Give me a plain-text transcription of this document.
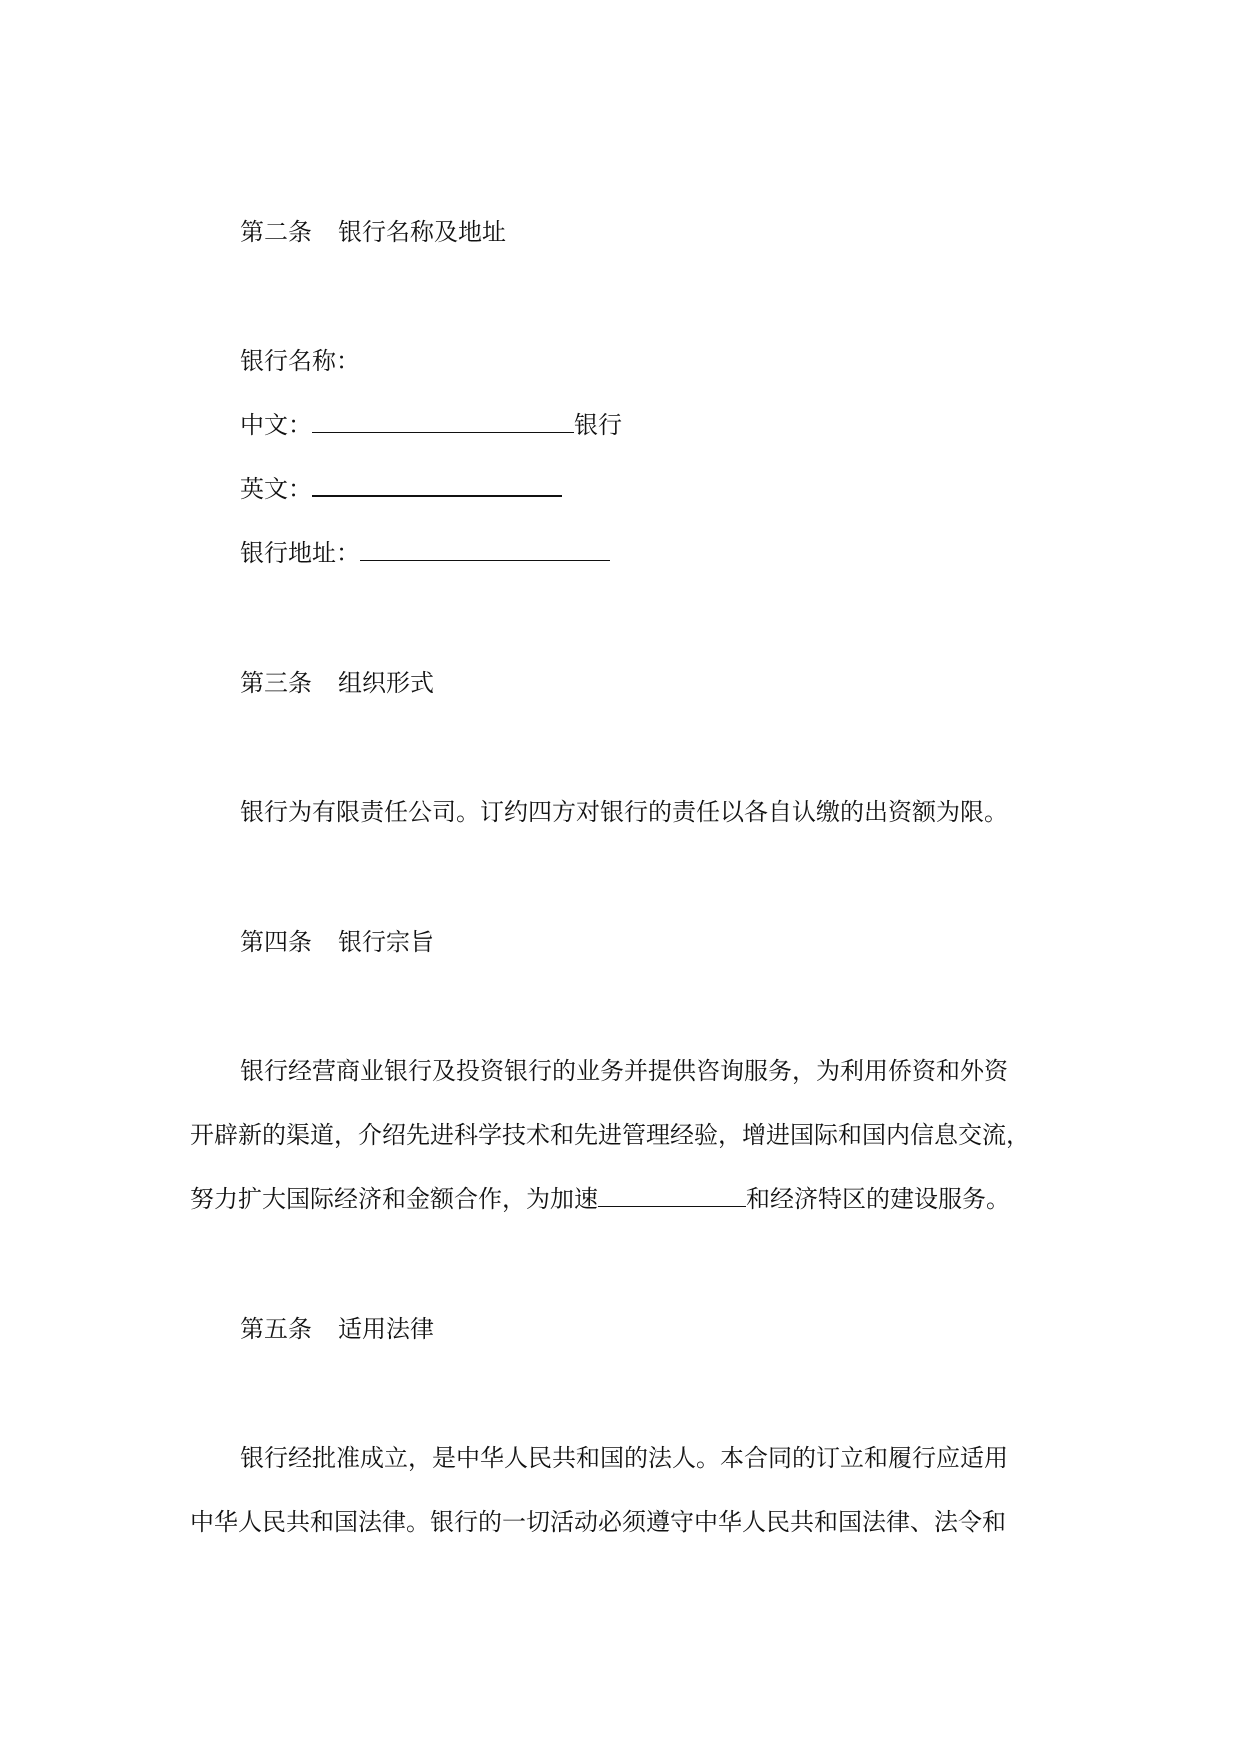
第二条 银行名称及地址
银行名称：
中文：	银行
英文：
银行地址：
第三条 组织形式
银行为有限责任公司。订约四方对银行的责任以各自认缴的出资额为限。
第四条 银行宗旨
银行经营商业银行及投资银行的业务并提供咨询服务，为利用侨资和外资
开辟新的渠道，介绍先进科学技术和先进管理经验，增进国际和国内信息交流，
努力扩大国际经济和金额合作，为加速	和经济特区的建设服务。
第五条 适用法律
银行经批准成立，是中华人民共和国的法人。本合同的订立和履行应适用
中华人民共和国法律。银行的一切活动必须遵守中华人民共和国法律、法令和
